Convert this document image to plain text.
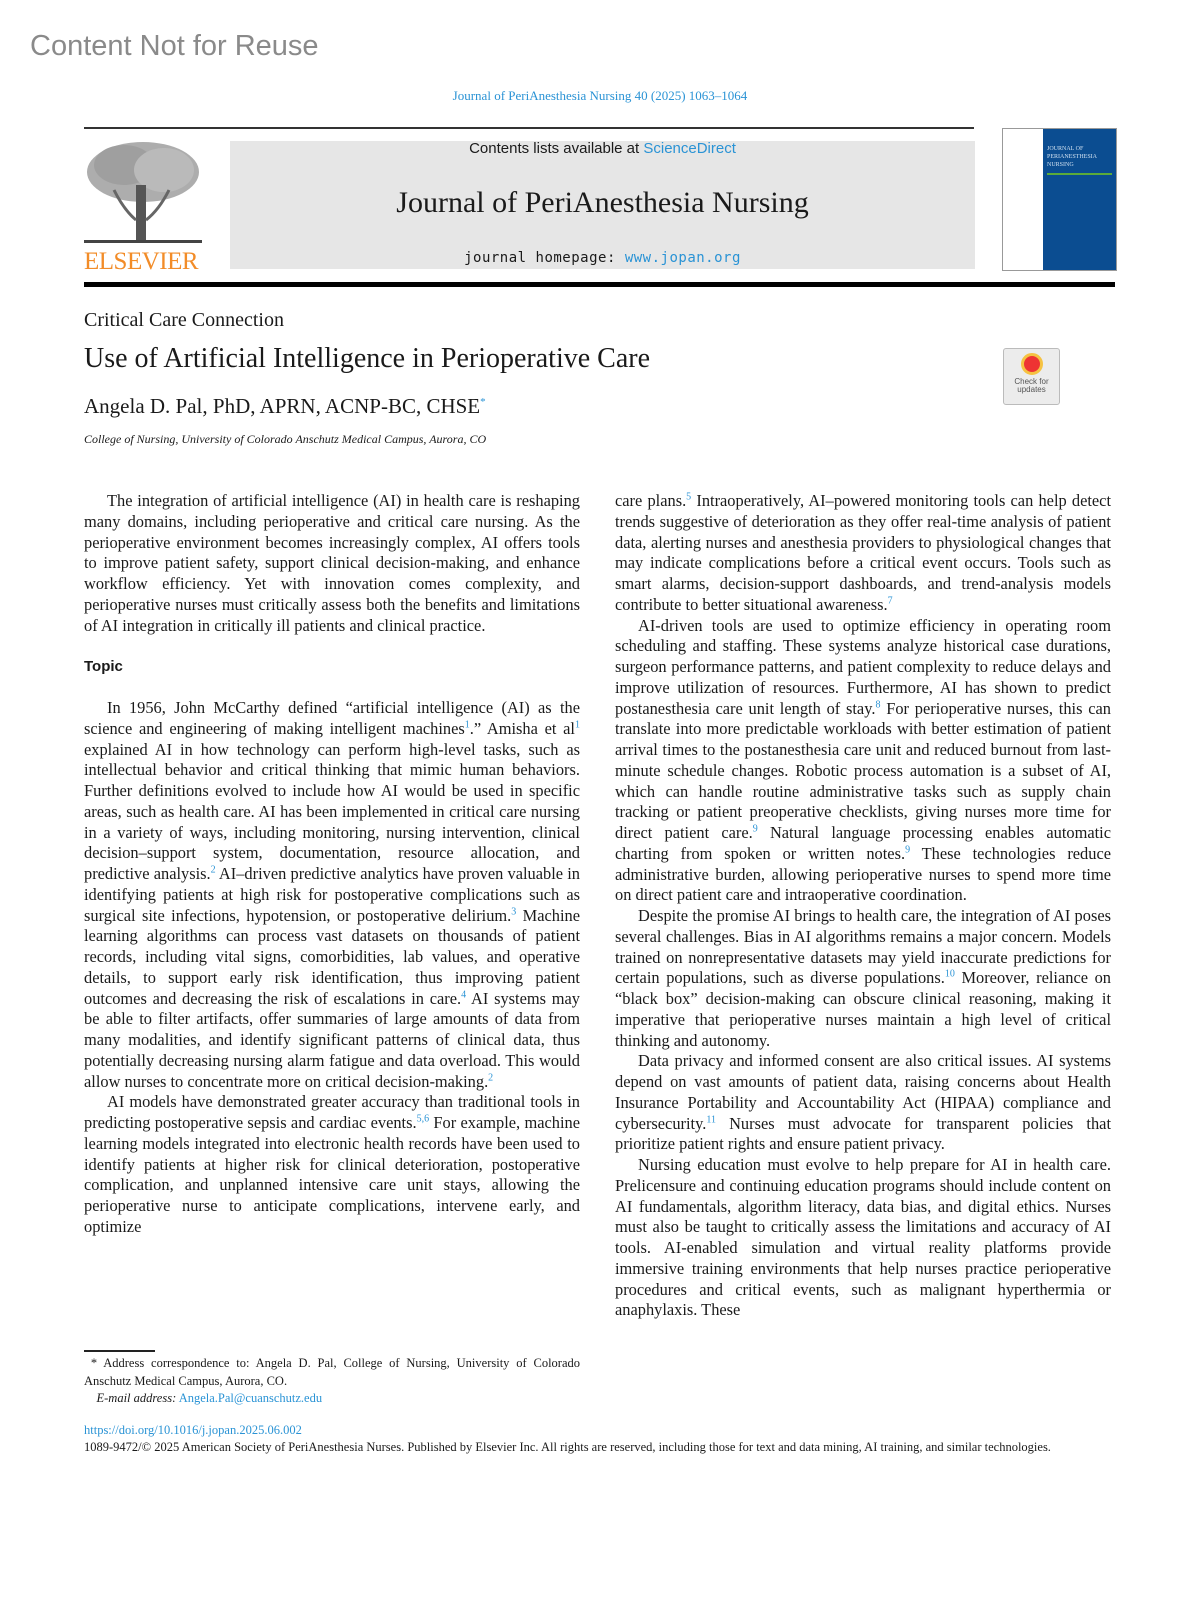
Content Not for Reuse
Journal of PeriAnesthesia Nursing 40 (2025) 1063–1064
ELSEVIER
Contents lists available at ScienceDirect
Journal of PeriAnesthesia Nursing
journal homepage: www.jopan.org
JOURNAL OF PERIANESTHESIA NURSING
Critical Care Connection
Use of Artificial Intelligence in Perioperative Care
Angela D. Pal, PhD, APRN, ACNP-BC, CHSE*
College of Nursing, University of Colorado Anschutz Medical Campus, Aurora, CO
Check for updates

The integration of artificial intelligence (AI) in health care is reshaping many domains, including perioperative and critical care nursing. As the perioperative environment becomes increasingly complex, AI offers tools to improve patient safety, support clinical decision-making, and enhance workflow efficiency. Yet with innovation comes complexity, and perioperative nurses must critically assess both the benefits and limitations of AI integration in critically ill patients and clinical practice.

Topic

In 1956, John McCarthy defined “artificial intelligence (AI) as the science and engineering of making intelligent machines$^1$.” Amisha et $al^1$ explained AI in how technology can perform high-level tasks, such as intellectual behavior and critical thinking that mimic human behaviors. Further definitions evolved to include how AI would be used in specific areas, such as health care. AI has been implemented in critical care nursing in a variety of ways, including monitoring, nursing intervention, clinical decision–support system, documentation, resource allocation, and predictive analysis.$^2$ AI–driven predictive analytics have proven valuable in identifying patients at high risk for postoperative complications such as surgical site infections, hypotension, or postoperative delirium.$^3$ Machine learning algorithms can process vast datasets on thousands of patient records, including vital signs, comorbidities, lab values, and operative details, to support early risk identification, thus improving patient outcomes and decreasing the risk of escalations in care.$^4$ AI systems may be able to filter artifacts, offer summaries of large amounts of data from many modalities, and identify significant patterns of clinical data, thus potentially decreasing nursing alarm fatigue and data overload. This would allow nurses to concentrate more on critical decision-making.$^2$

AI models have demonstrated greater accuracy than traditional tools in predicting postoperative sepsis and cardiac events.$^{5,6}$ For example, machine learning models integrated into electronic health records have been used to identify patients at higher risk for clinical deterioration, postoperative complication, and unplanned intensive care unit stays, allowing the perioperative nurse to anticipate complications, intervene early, and optimize

care plans.$^5$ Intraoperatively, AI–powered monitoring tools can help detect trends suggestive of deterioration as they offer real-time analysis of patient data, alerting nurses and anesthesia providers to physiological changes that may indicate complications before a critical event occurs. Tools such as smart alarms, decision-support dashboards, and trend-analysis models contribute to better situational awareness.$^7$

AI-driven tools are used to optimize efficiency in operating room scheduling and staffing. These systems analyze historical case durations, surgeon performance patterns, and patient complexity to reduce delays and improve utilization of resources. Furthermore, AI has shown to predict postanesthesia care unit length of stay.$^8$ For perioperative nurses, this can translate into more predictable workloads with better estimation of patient arrival times to the postanesthesia care unit and reduced burnout from last-minute schedule changes. Robotic process automation is a subset of AI, which can handle routine administrative tasks such as supply chain tracking or patient preoperative checklists, giving nurses more time for direct patient care.$^9$ Natural language processing enables automatic charting from spoken or written notes.$^9$ These technologies reduce administrative burden, allowing perioperative nurses to spend more time on direct patient care and intraoperative coordination.

Despite the promise AI brings to health care, the integration of AI poses several challenges. Bias in AI algorithms remains a major concern. Models trained on nonrepresentative datasets may yield inaccurate predictions for certain populations, such as diverse populations.$^{10}$ Moreover, reliance on “black box” decision-making can obscure clinical reasoning, making it imperative that perioperative nurses maintain a high level of critical thinking and autonomy.

Data privacy and informed consent are also critical issues. AI systems depend on vast amounts of patient data, raising concerns about Health Insurance Portability and Accountability Act (HIPAA) compliance and cybersecurity.$^{11}$ Nurses must advocate for transparent policies that prioritize patient rights and ensure patient privacy.

Nursing education must evolve to help prepare for AI in health care. Prelicensure and continuing education programs should include content on AI fundamentals, algorithm literacy, data bias, and digital ethics. Nurses must also be taught to critically assess the limitations and accuracy of AI tools. AI-enabled simulation and virtual reality platforms provide immersive training environments that help nurses practice perioperative procedures and critical events, such as malignant hyperthermia or anaphylaxis. These

* Address correspondence to: Angela D. Pal, College of Nursing, University of Colorado Anschutz Medical Campus, Aurora, CO.
E-mail address: Angela.Pal@cuanschutz.edu
https://doi.org/10.1016/j.jopan.2025.06.002
1089-9472/© 2025 American Society of PeriAnesthesia Nurses. Published by Elsevier Inc. All rights are reserved, including those for text and data mining, AI training, and similar technologies.
